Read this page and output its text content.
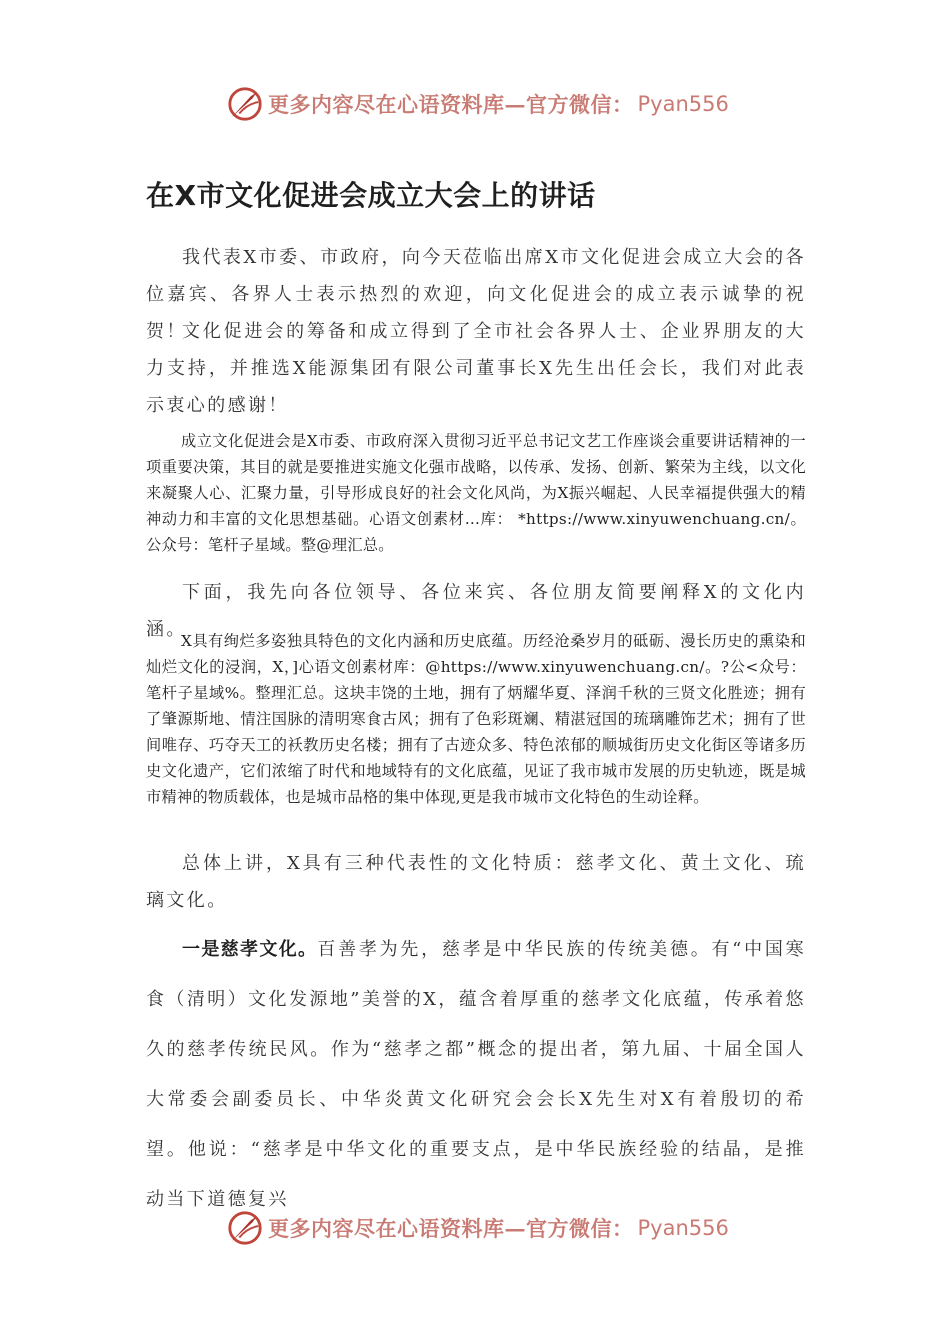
更多内容尽在心语资料库—官方微信： Pyan556
在X市文化促进会成立大会上的讲话

我代表X市委、市政府，向今天莅临出席X市文化促进会成立大会的各位嘉宾、各界人士表示热烈的欢迎，向文化促进会的成立表示诚挚的祝贺！

文化促进会的筹备和成立得到了全市社会各界人士、企业界朋友的大力支持，并推选X能源集团有限公司董事长X先生出任会长，我们对此表示衷心的感谢！

成立文化促进会是X市委、市政府深入贯彻习近平总书记文艺工作座谈会重要讲话精神的一项重要决策，其目的就是要推进实施文化强市战略，以传承、发扬、创新、繁荣为主线，以文化来凝聚人心、汇聚力量，引导形成良好的社会文化风尚，为X振兴崛起、人民幸福提供强大的精神动力和丰富的文化思想基础。心语文创素材…库： *https://www.xinyuwenchuang.cn/。公众号：笔杆子星域。整@理汇总。

下面，我先向各位领导、各位来宾、各位朋友简要阐释X的文化内涵。

X具有绚烂多姿独具特色的文化内涵和历史底蕴。历经沧桑岁月的砥砺、漫长历史的熏染和灿烂文化的浸润，X，]心语文创素材库：@https://www.xinyuwenchuang.cn/。?公<众号：笔杆子星域%。整理汇总。这块丰饶的土地，拥有了炳耀华夏、泽润千秋的三贤文化胜迹；拥有了肇源斯地、情注国脉的清明寒食古风；拥有了色彩斑斓、精湛冠国的琉璃雕饰艺术；拥有了世间唯存、巧夺天工的袄教历史名楼；拥有了古迹众多、特色浓郁的顺城街历史文化街区等诸多历史文化遗产，它们浓缩了时代和地域特有的文化底蕴，见证了我市城市发展的历史轨迹，既是城市精神的物质载体，也是城市品格的集中体现,更是我市城市文化特色的生动诠释。

总体上讲，X具有三种代表性的文化特质：慈孝文化、黄土文化、琉璃文化。

一是慈孝文化。百善孝为先，慈孝是中华民族的传统美德。有“中国寒食（清明）文化发源地”美誉的X，蕴含着厚重的慈孝文化底蕴，传承着悠久的慈孝传统民风。作为“慈孝之都”概念的提出者，第九届、十届全国人大常委会副委员长、中华炎黄文化研究会会长X先生对X有着殷切的希望。他说：“慈孝是中华文化的重要支点，是中华民族经验的结晶，是推动当下道德复兴

更多内容尽在心语资料库—官方微信： Pyan556
